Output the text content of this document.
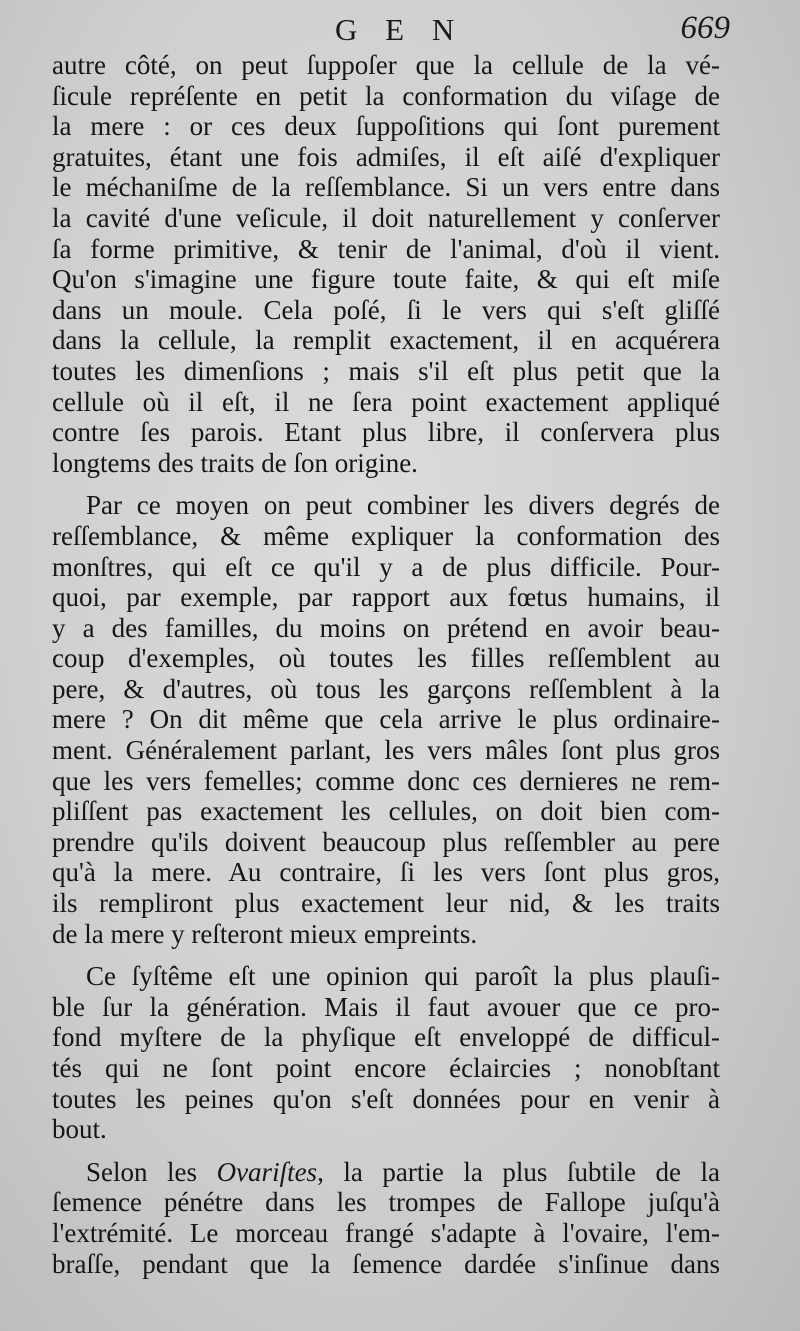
G E N	669
autre côté, on peut ſuppoſer que la cellule de la vé-
ſicule repréſente en petit la conformation du viſage de
la mere : or ces deux ſuppoſitions qui ſont purement
gratuites, étant une fois admiſes, il eſt aiſé d'expliquer
le méchaniſme de la reſſemblance. Si un vers entre dans
la cavité d'une veſicule, il doit naturellement y conſerver
ſa forme primitive, & tenir de l'animal, d'où il vient.
Qu'on s'imagine une figure toute faite, & qui eſt miſe
dans un moule. Cela poſé, ſi le vers qui s'eſt gliſſé
dans la cellule, la remplit exactement, il en acquérera
toutes les dimenſions ; mais s'il eſt plus petit que la
cellule où il eſt, il ne ſera point exactement appliqué
contre ſes parois. Etant plus libre, il conſervera plus
longtems des traits de ſon origine.
Par ce moyen on peut combiner les divers degrés de
reſſemblance, & même expliquer la conformation des
monſtres, qui eſt ce qu'il y a de plus difficile. Pour-
quoi, par exemple, par rapport aux fœtus humains, il
y a des familles, du moins on prétend en avoir beau-
coup d'exemples, où toutes les filles reſſemblent au
pere, & d'autres, où tous les garçons reſſemblent à la
mere ? On dit même que cela arrive le plus ordinaire-
ment. Généralement parlant, les vers mâles ſont plus gros
que les vers femelles; comme donc ces dernieres ne rem-
pliſſent pas exactement les cellules, on doit bien com-
prendre qu'ils doivent beaucoup plus reſſembler au pere
qu'à la mere. Au contraire, ſi les vers ſont plus gros,
ils rempliront plus exactement leur nid, & les traits
de la mere y reſteront mieux empreints.
Ce ſyſtême eſt une opinion qui paroît la plus plauſi-
ble ſur la génération. Mais il faut avouer que ce pro-
fond myſtere de la phyſique eſt enveloppé de difficul-
tés qui ne ſont point encore éclaircies ; nonobſtant
toutes les peines qu'on s'eſt données pour en venir à
bout.
Selon les Ovariſtes, la partie la plus ſubtile de la
ſemence pénétre dans les trompes de Fallope juſqu'à
l'extrémité. Le morceau frangé s'adapte à l'ovaire, l'em-
braſſe, pendant que la ſemence dardée s'inſinue dans
